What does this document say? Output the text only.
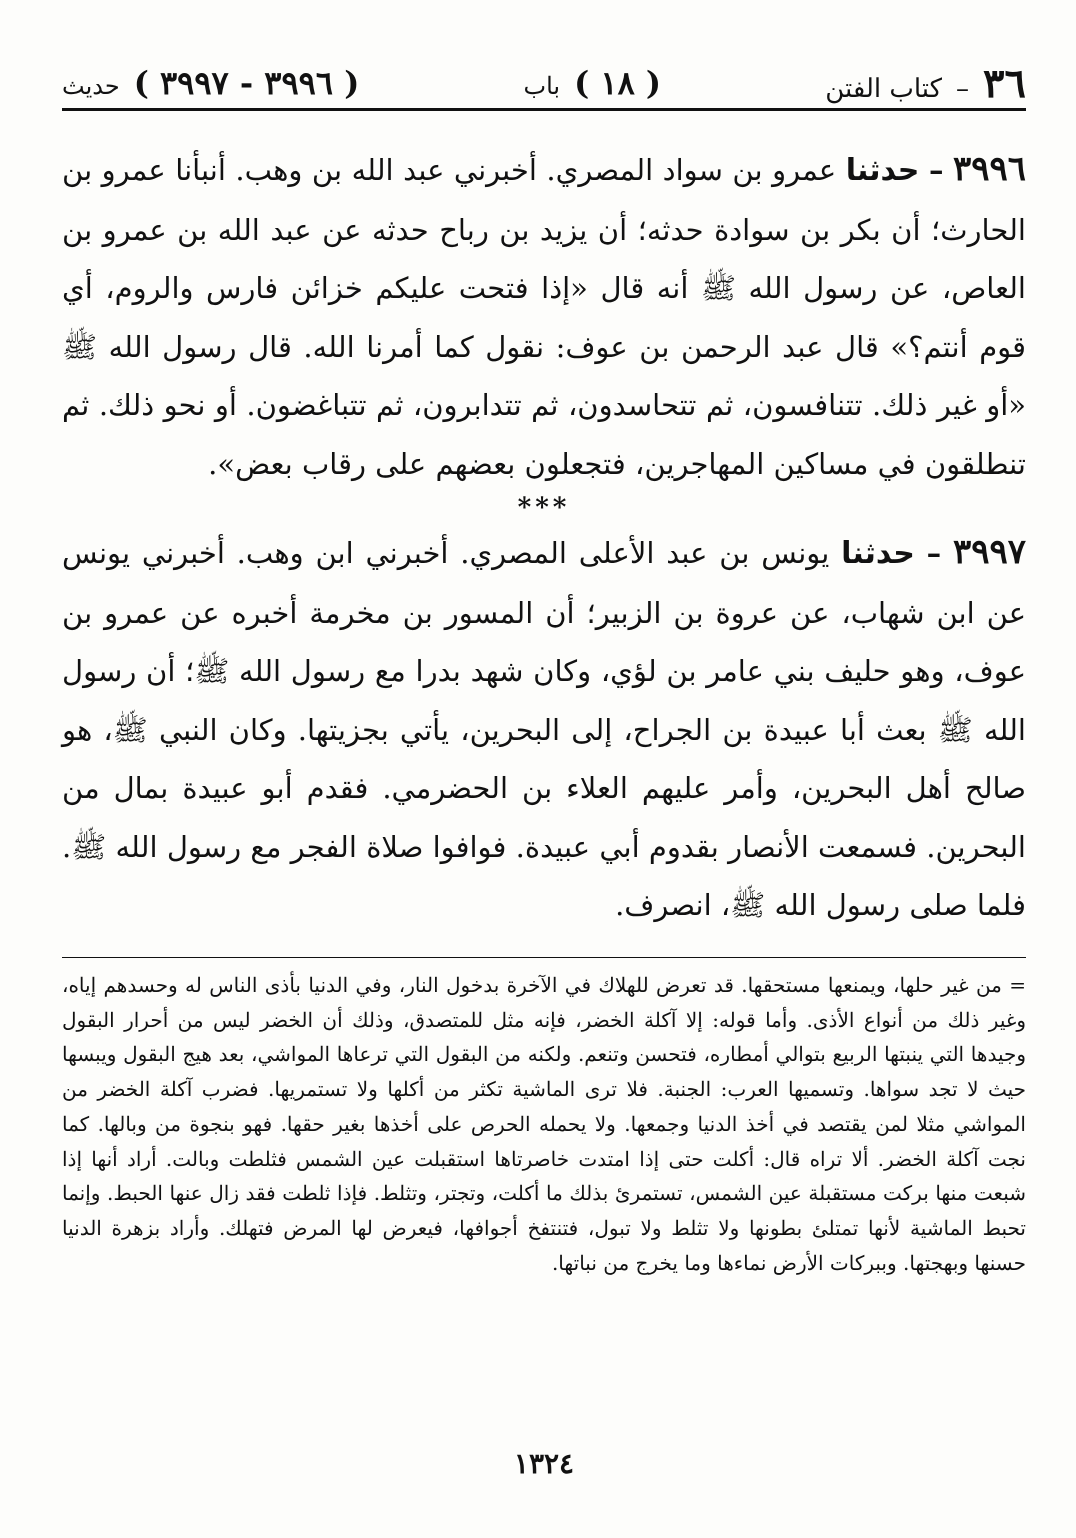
٣٦
–
كتاب الفتن
( ١٨ )
باب
( ٣٩٩٦ - ٣٩٩٧ )
حديث

٣٩٩٦ – حدثنا عمرو بن سواد المصري. أخبرني عبد الله بن وهب. أنبأنا عمرو بن الحارث؛ أن بكر بن سوادة حدثه؛ أن يزيد بن رباح حدثه عن عبد الله بن عمرو بن العاص، عن رسول الله ﷺ أنه قال «إذا فتحت عليكم خزائن فارس والروم، أي قوم أنتم؟» قال عبد الرحمن بن عوف: نقول كما أمرنا الله. قال رسول الله ﷺ «أو غير ذلك. تتنافسون، ثم تتحاسدون، ثم تتدابرون، ثم تتباغضون. أو نحو ذلك. ثم تنطلقون في مساكين المهاجرين، فتجعلون بعضهم على رقاب بعض».

***

٣٩٩٧ – حدثنا يونس بن عبد الأعلى المصري. أخبرني ابن وهب. أخبرني يونس عن ابن شهاب، عن عروة بن الزبير؛ أن المسور بن مخرمة أخبره عن عمرو بن عوف، وهو حليف بني عامر بن لؤي، وكان شهد بدرا مع رسول الله ﷺ؛ أن رسول الله ﷺ بعث أبا عبيدة بن الجراح، إلى البحرين، يأتي بجزيتها. وكان النبي ﷺ، هو صالح أهل البحرين، وأمر عليهم العلاء بن الحضرمي. فقدم أبو عبيدة بمال من البحرين. فسمعت الأنصار بقدوم أبي عبيدة. فوافوا صلاة الفجر مع رسول الله ﷺ. فلما صلى رسول الله ﷺ، انصرف.

= من غير حلها، ويمنعها مستحقها. قد تعرض للهلاك في الآخرة بدخول النار، وفي الدنيا بأذى الناس له وحسدهم إياه، وغير ذلك من أنواع الأذى. وأما قوله: إلا آكلة الخضر، فإنه مثل للمتصدق، وذلك أن الخضر ليس من أحرار البقول وجيدها التي ينبتها الربيع بتوالي أمطاره، فتحسن وتنعم. ولكنه من البقول التي ترعاها المواشي، بعد هيج البقول ويبسها حيث لا تجد سواها. وتسميها العرب: الجنبة. فلا ترى الماشية تكثر من أكلها ولا تستمريها. فضرب آكلة الخضر من المواشي مثلا لمن يقتصد في أخذ الدنيا وجمعها. ولا يحمله الحرص على أخذها بغير حقها. فهو بنجوة من وبالها. كما نجت آكلة الخضر. ألا تراه قال: أكلت حتى إذا امتدت خاصرتاها استقبلت عين الشمس فثلطت وبالت. أراد أنها إذا شبعت منها بركت مستقبلة عين الشمس، تستمرئ بذلك ما أكلت، وتجتر، وتثلط. فإذا ثلطت فقد زال عنها الحبط. وإنما تحبط الماشية لأنها تمتلئ بطونها ولا تثلط ولا تبول، فتنتفخ أجوافها، فيعرض لها المرض فتهلك. وأراد بزهرة الدنيا حسنها وبهجتها. وببركات الأرض نماءها وما يخرج من نباتها.

١٣٢٤
